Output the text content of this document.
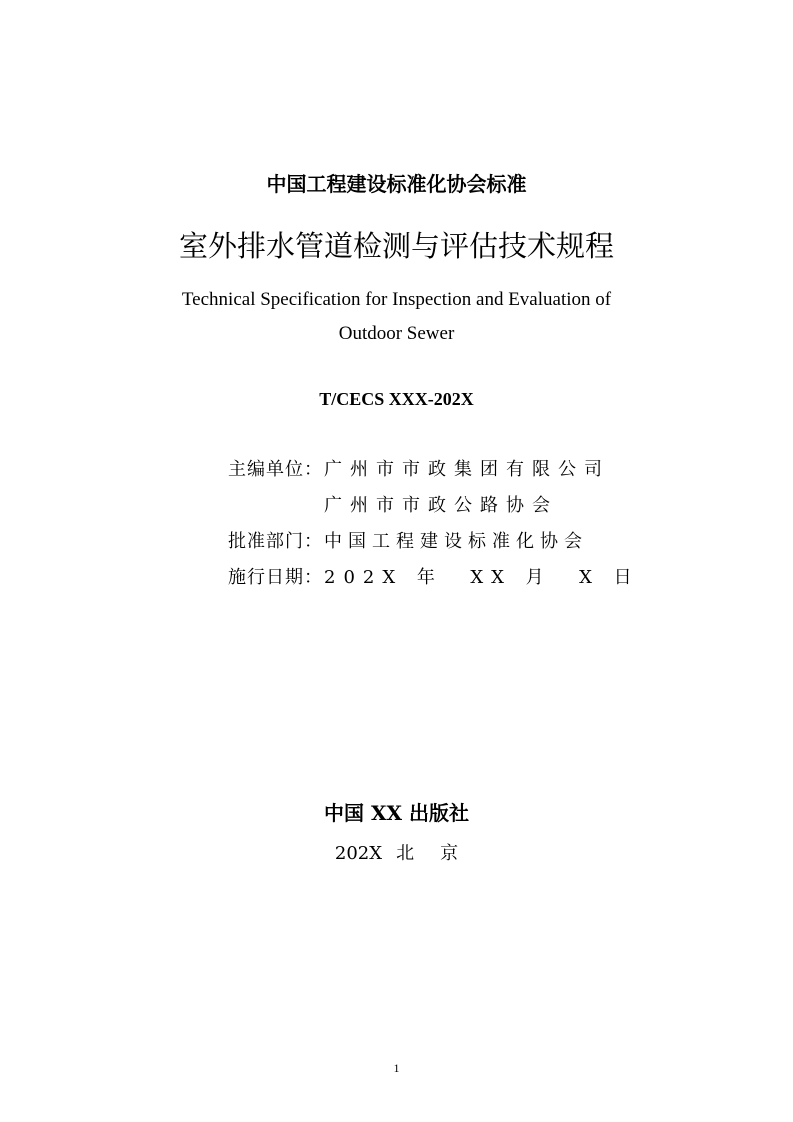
中国工程建设标准化协会标准
室外排水管道检测与评估技术规程
Technical Specification for Inspection and Evaluation of
Outdoor Sewer
T/CECS XXX-202X
主编单位： 广州市市政集团有限公司
广州市市政公路协会
批准部门： 中国工程建设标准化协会
施行日期： 202X 年  XX 月  X 日
中国 XX 出版社
202X 北京
1
